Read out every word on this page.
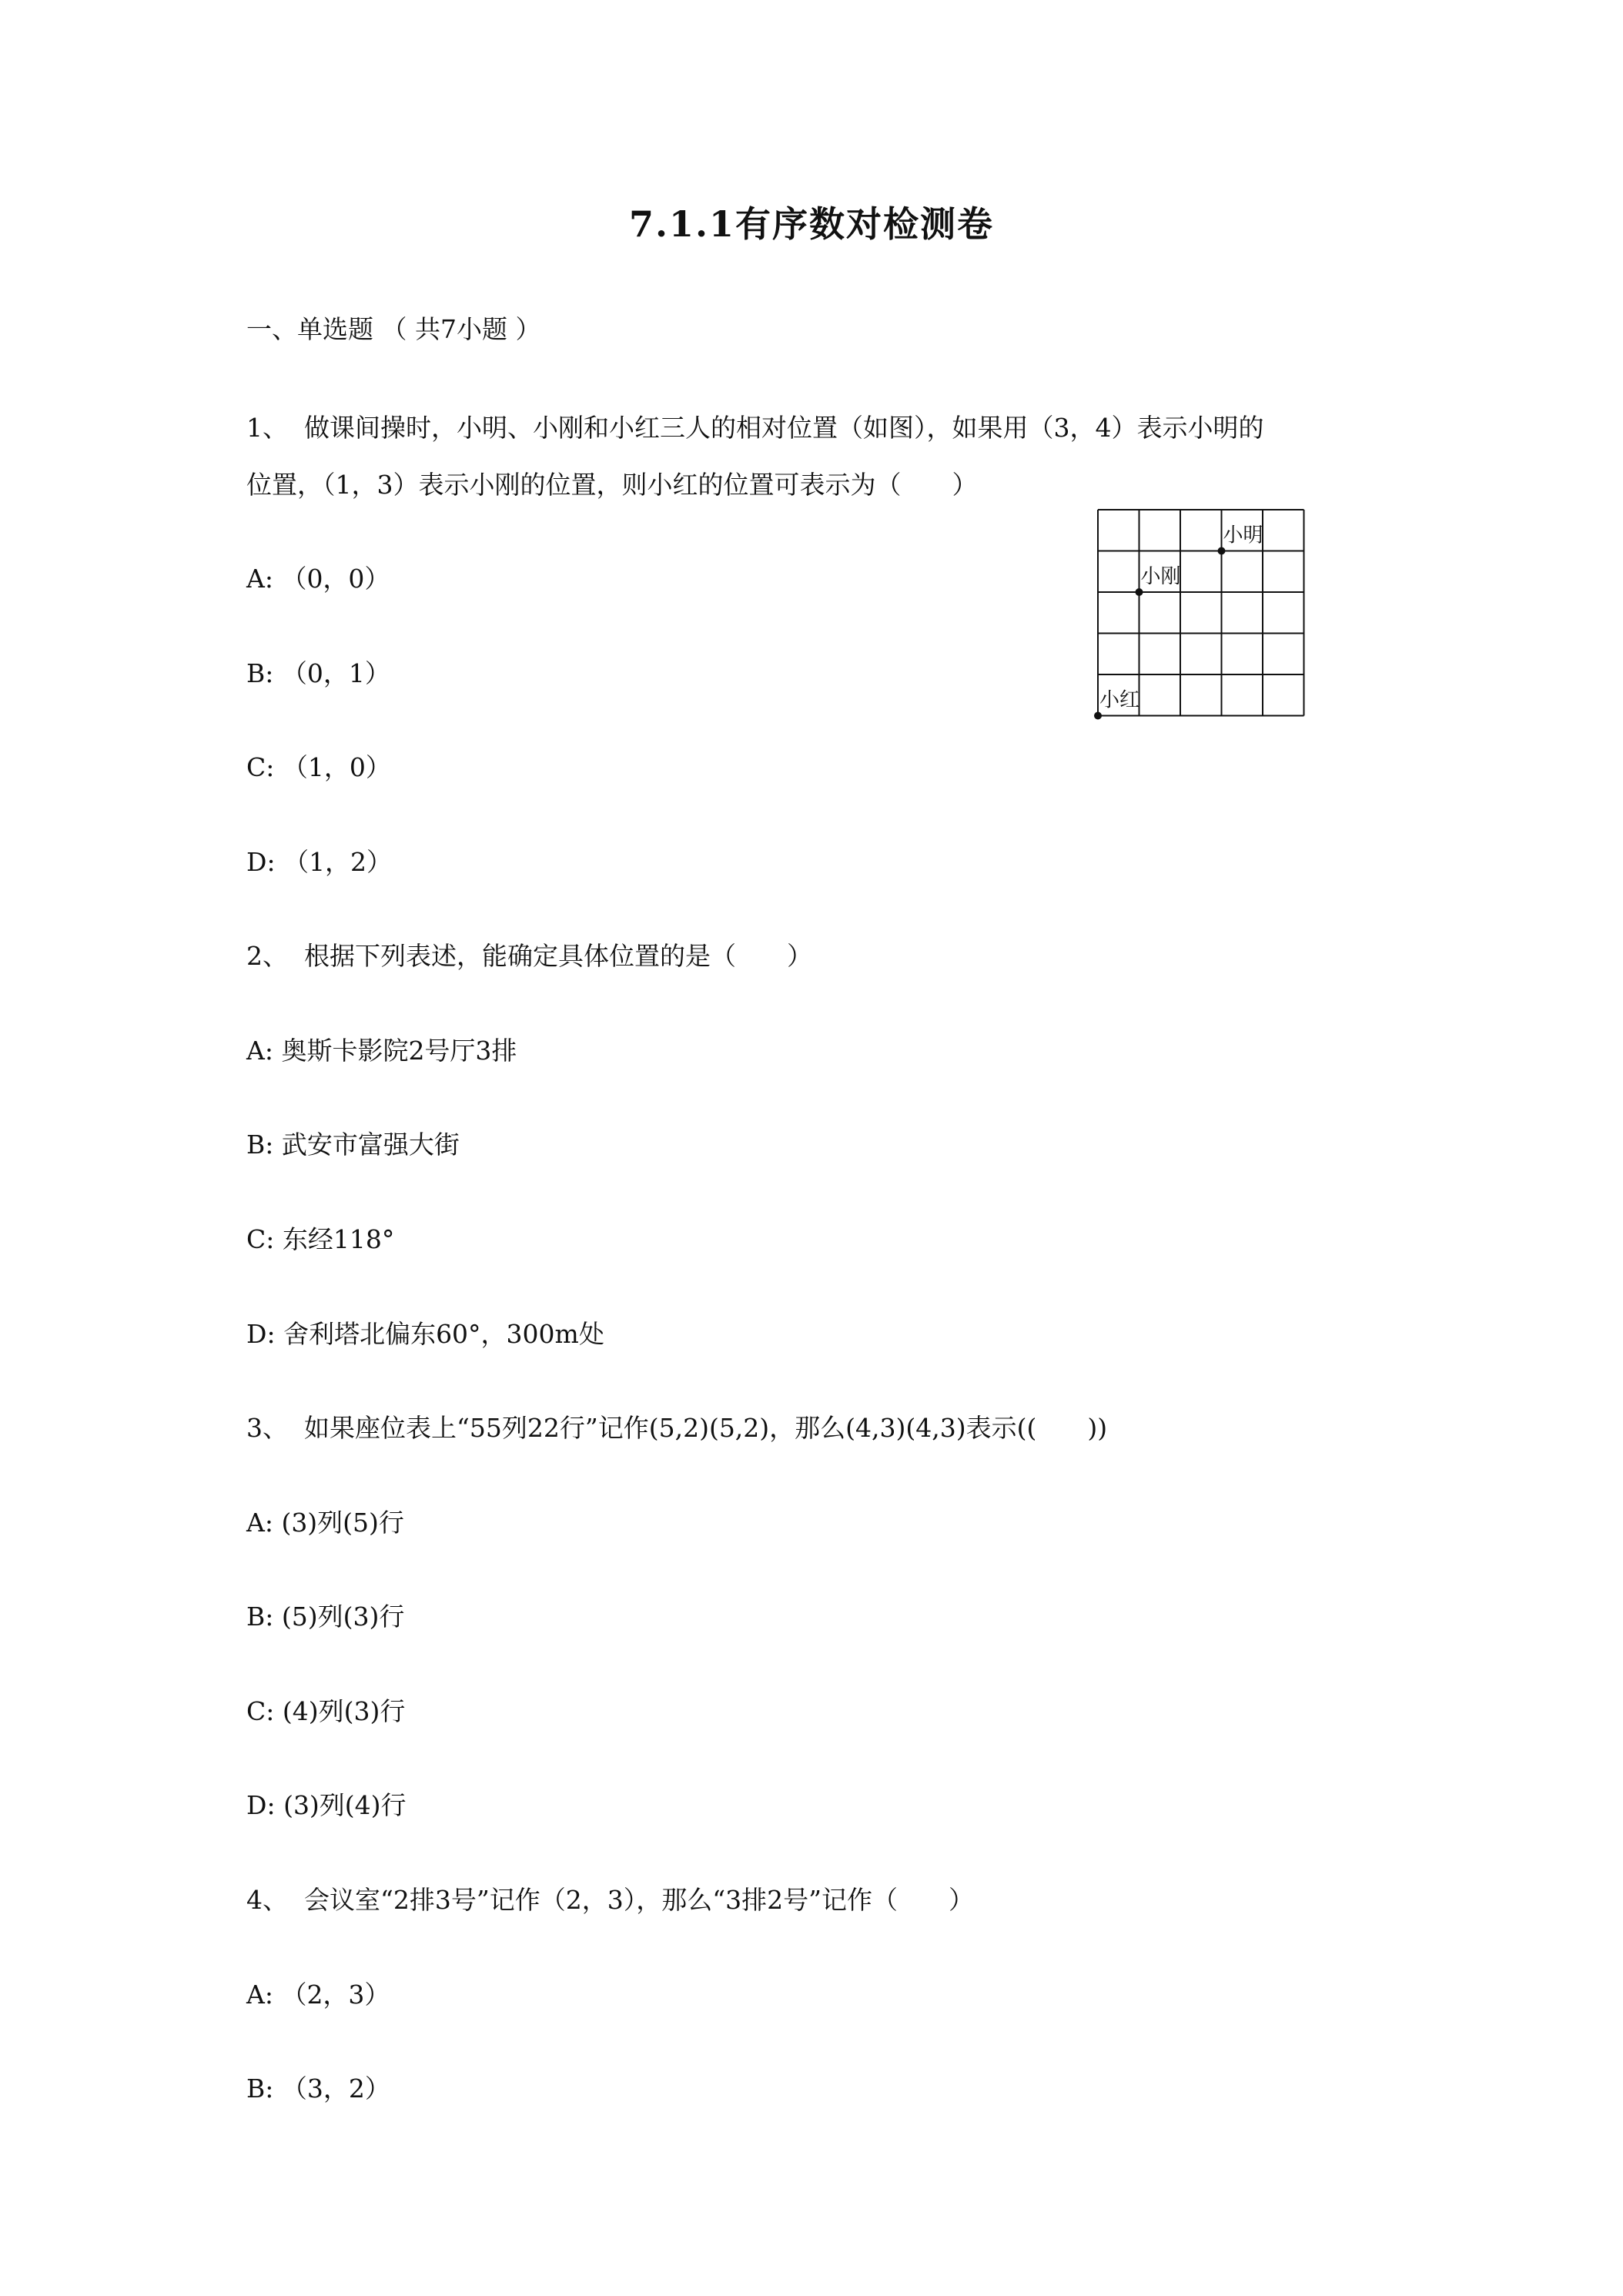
7.1.1有序数对检测卷
一、单选题 （ 共7小题 ）
1、 做课间操时，小明、小刚和小红三人的相对位置（如图），如果用（3，4）表示小明的
位置，（1，3）表示小刚的位置，则小红的位置可表示为（　　）
A: （0，0）
B: （0，1）
C: （1，0）
D: （1，2）
小明
小刚
小红
2、 根据下列表述，能确定具体位置的是（　　）
A: 奥斯卡影院2号厅3排
B: 武安市富强大街
C: 东经118°
D: 舍利塔北偏东60°，300m处
3、 如果座位表上“55列22行”记作(5,2)(5,2)，那么(4,3)(4,3)表示((　　))
A: (3)列(5)行
B: (5)列(3)行
C: (4)列(3)行
D: (3)列(4)行
4、 会议室“2排3号”记作（2，3），那么“3排2号”记作（　　）
A: （2，3）
B: （3，2）
